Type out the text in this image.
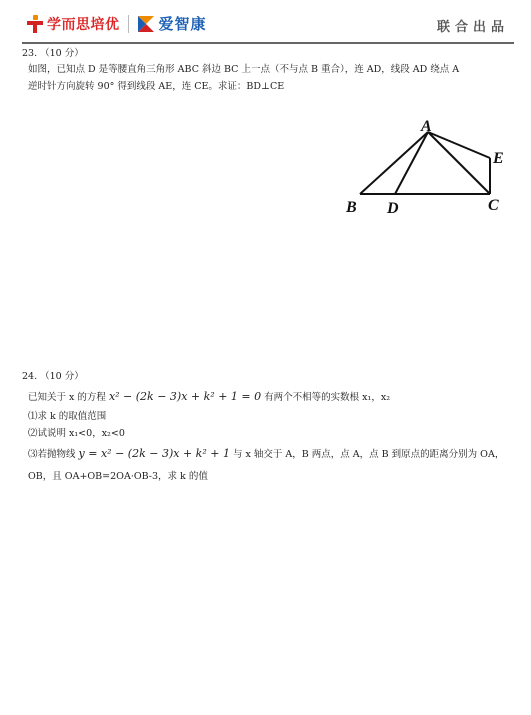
学而思培优	爱智康	联合出品
23. （10 分）
如图，已知点 D 是等腰直角三角形 ABC 斜边 BC 上一点（不与点 B 重合），连 AD，线段 AD 绕点 A
逆时针方向旋转 90° 得到线段 AE，连 CE。求证：BD⊥CE
A
B D	C
E
24. （10 分）
已知关于 x 的方程 x² − (2k − 3)x + k² + 1 = 0 有两个不相等的实数根 x₁，x₂
⑴求 k 的取值范围
⑵试说明 x₁<0，x₂<0
⑶若抛物线 y = x² − (2k − 3)x + k² + 1 与 x 轴交于 A，B 两点，点 A，点 B 到原点的距离分别为 OA，
OB，且 OA+OB=2OA·OB-3，求 k 的值
